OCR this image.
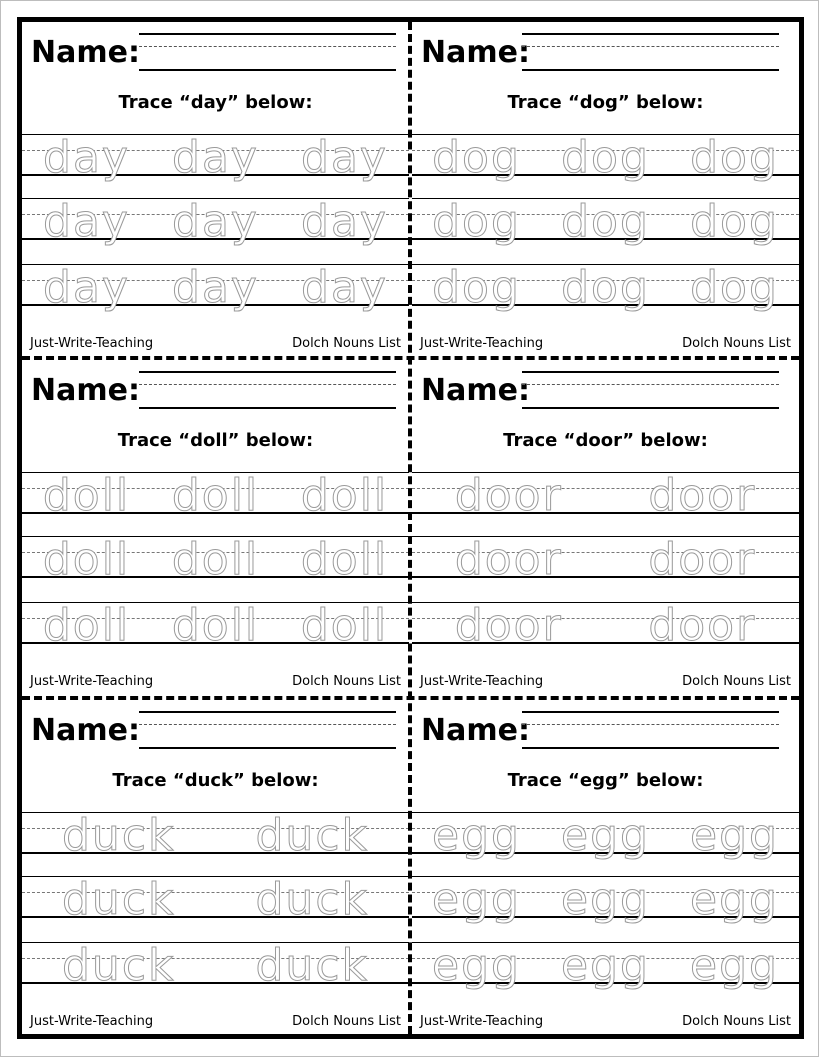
Name:
Trace “day” below:
day day day
day day day
day day day
Just-Write-Teaching	Dolch Nouns List
Name:
Trace “dog” below:
dog dog dog
dog dog dog
dog dog dog
Just-Write-Teaching	Dolch Nouns List
Name:
Trace “doll” below:
doll doll doll
doll doll doll
doll doll doll
Just-Write-Teaching	Dolch Nouns List
Name:
Trace “door” below:
door door
door door
door door
Just-Write-Teaching	Dolch Nouns List
Name:
Trace “duck” below:
duck duck
duck duck
duck duck
Just-Write-Teaching	Dolch Nouns List
Name:
Trace “egg” below:
egg egg egg
egg egg egg
egg egg egg
Just-Write-Teaching	Dolch Nouns List
